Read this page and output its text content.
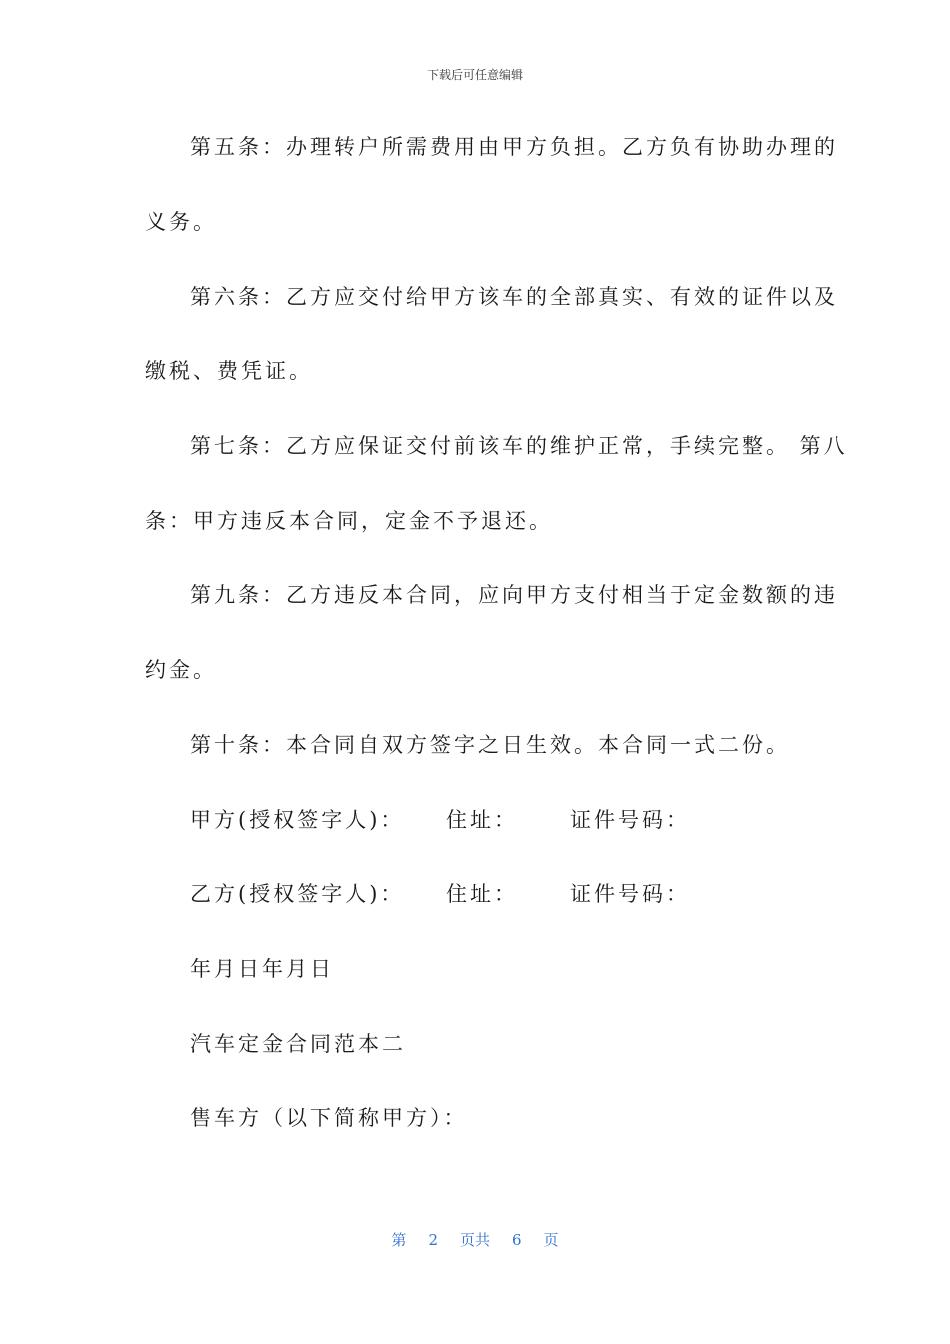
下载后可任意编辑
第五条：办理转户所需费用由甲方负担。乙方负有协助办理的
义务。
第六条：乙方应交付给甲方该车的全部真实、有效的证件以及
缴税、费凭证。
第七条：乙方应保证交付前该车的维护正常，手续完整。 第八
条：甲方违反本合同，定金不予退还。
第九条：乙方违反本合同，应向甲方支付相当于定金数额的违
约金。
第十条：本合同自双方签字之日生效。本合同一式二份。
甲方(授权签字人)： 住址： 证件号码：
乙方(授权签字人)： 住址： 证件号码：
年月日年月日
汽车定金合同范本二
售车方（以下简称甲方）：
第 2 页共 6 页
